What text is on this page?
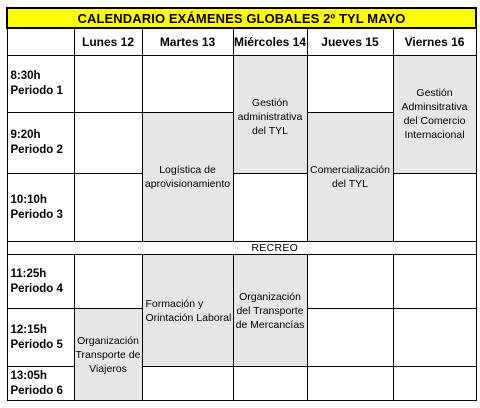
CALENDARIO EXÁMENES GLOBALES 2º TYL MAYO					
	Lunes 12	Martes 13	Miércoles 14	Jueves 15	Viernes 16

8:30h
Periodo 1			Gestión administrativa del TYL		Gestión Adminsitrativa del Comercio Internacional

9:20h
Periodo 2		Logística de aprovisionamiento		Comercialización del TYL	

10:10h
Periodo 3					

	RECREO				

11:25h
Periodo 4		Formación y Orintación Laboral	Organización del Transporte de Mercancías		

12:15h
Periodo 5	Organización Transporte de Viajeros				

13:05h
Periodo 6					
